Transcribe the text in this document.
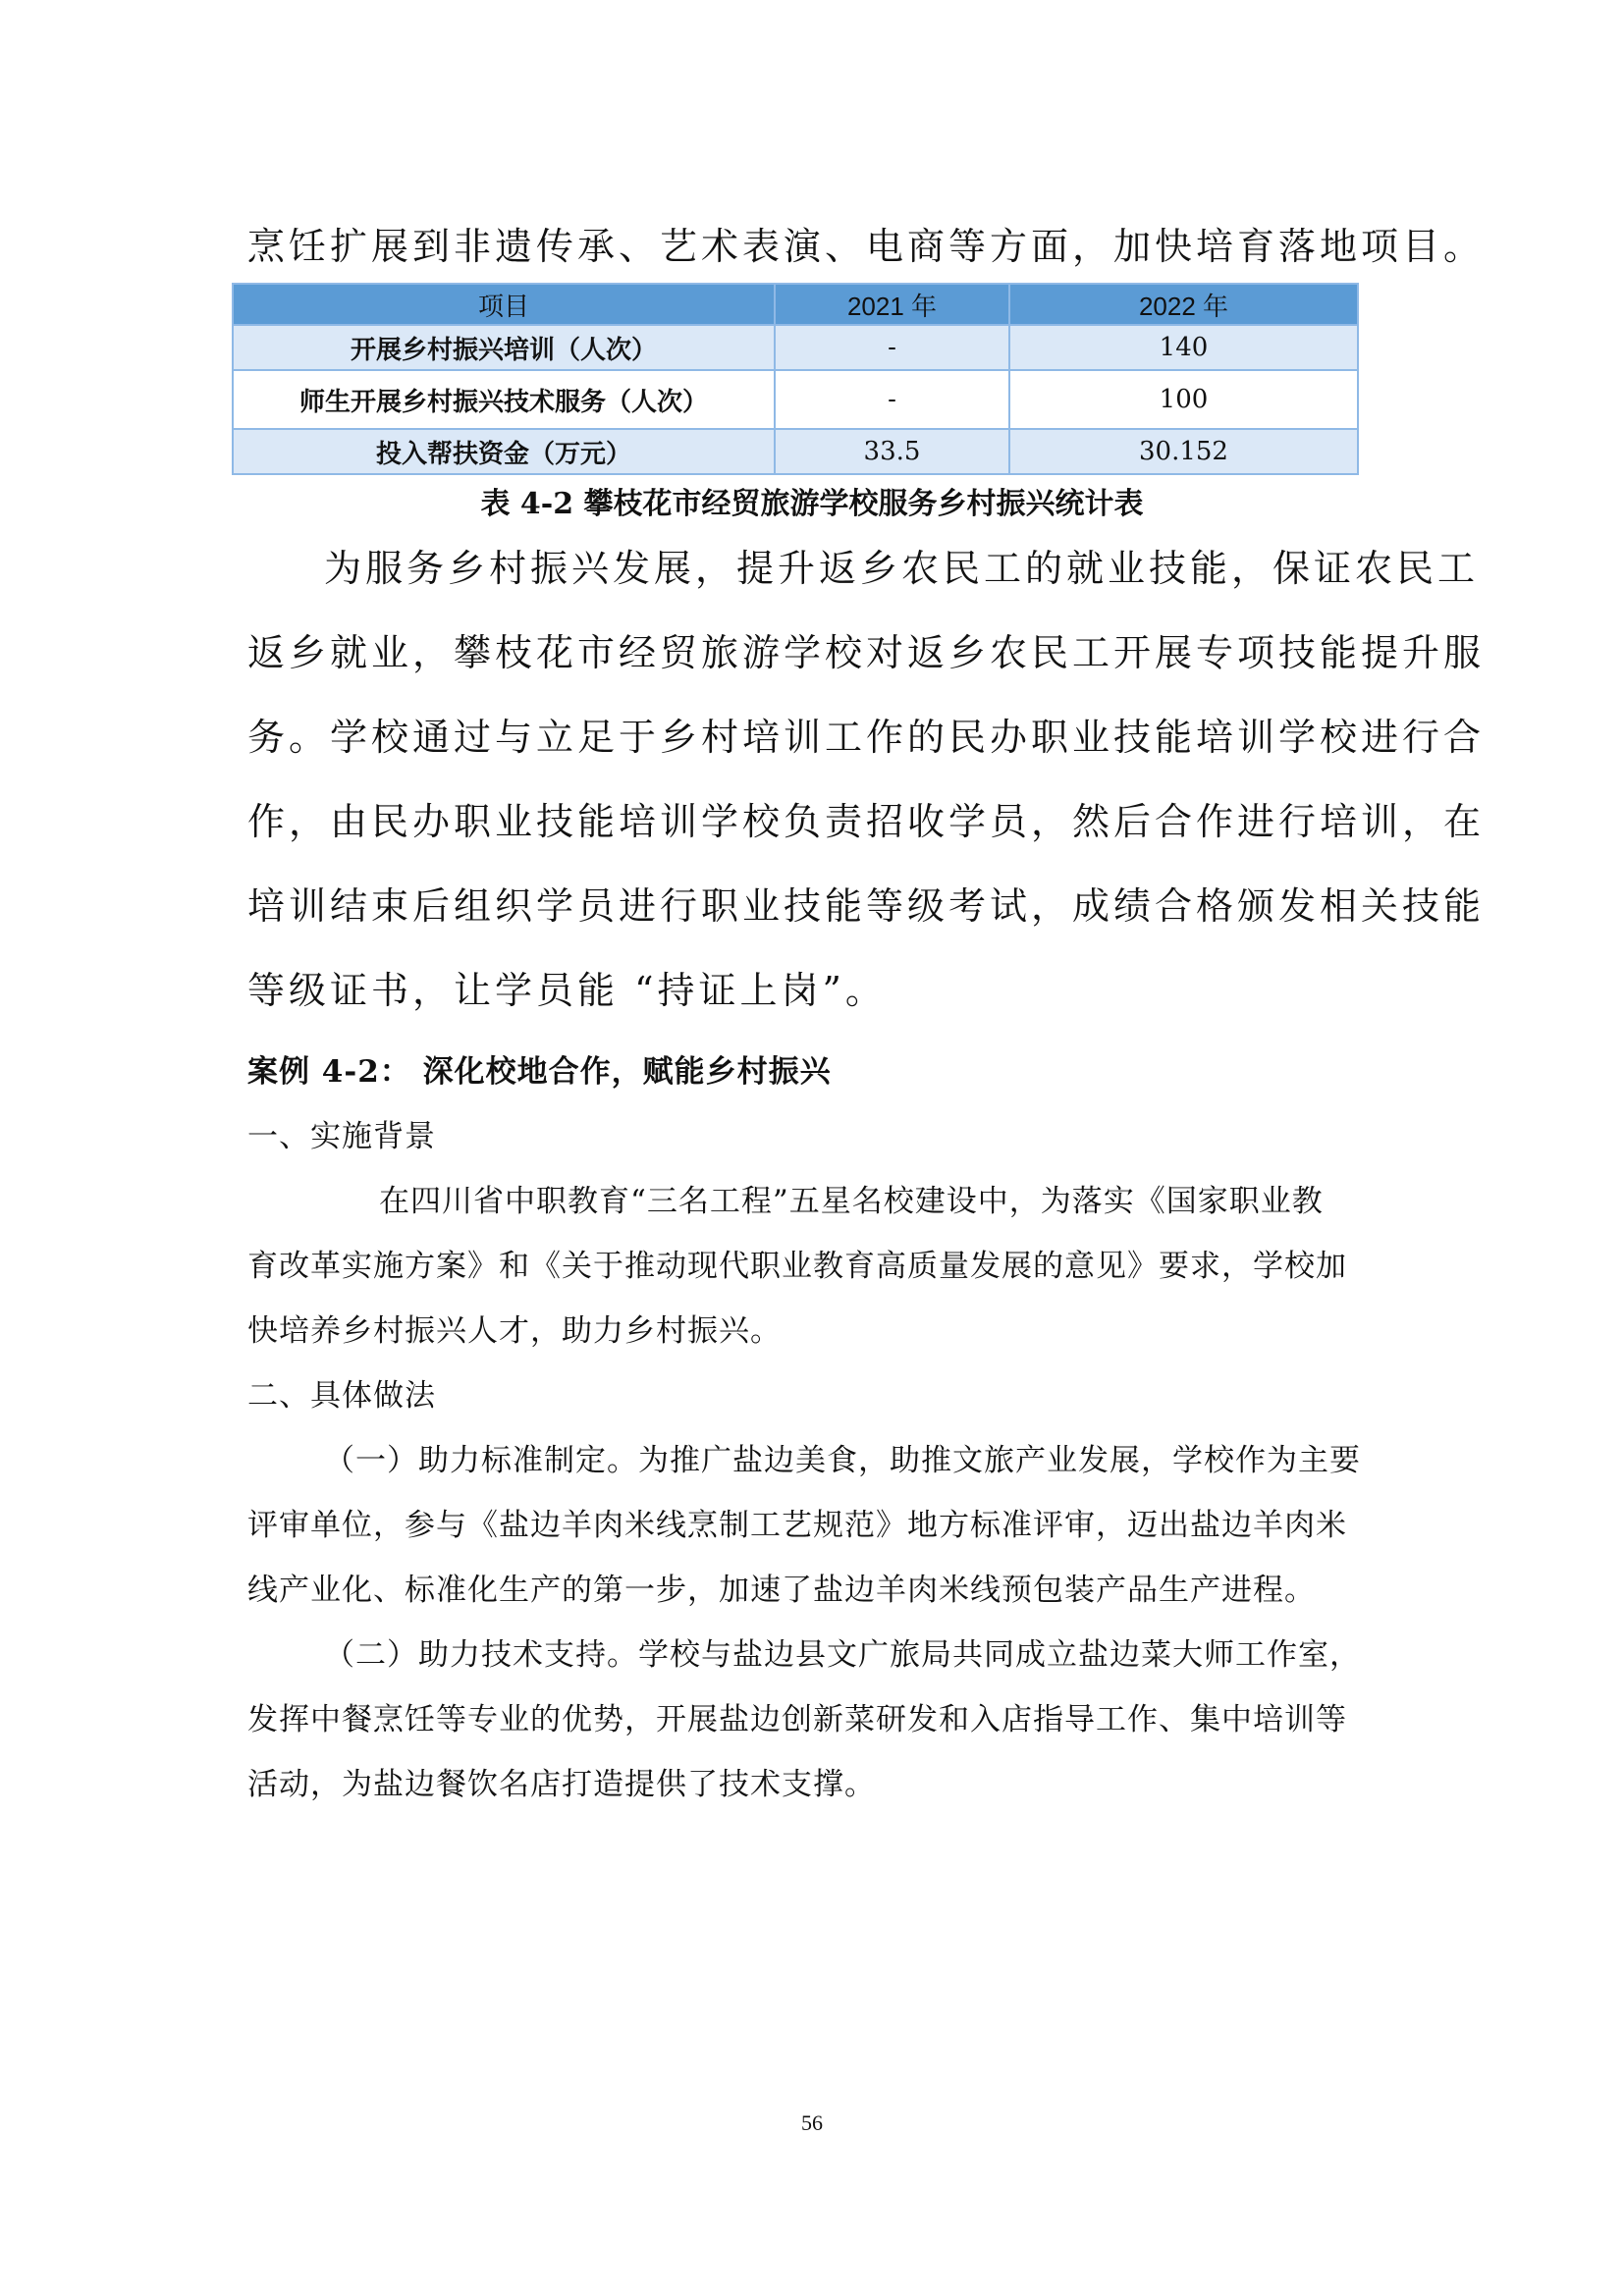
烹饪扩展到非遗传承、艺术表演、电商等方面，加快培育落地项目。
项目	2021 年	2022 年
开展乡村振兴培训（人次）	-	140
师生开展乡村振兴技术服务（人次）	-	100
投入帮扶资金（万元）	33.5	30.152
表 4-2 攀枝花市经贸旅游学校服务乡村振兴统计表
为服务乡村振兴发展，提升返乡农民工的就业技能，保证农民工
返乡就业，攀枝花市经贸旅游学校对返乡农民工开展专项技能提升服
务。学校通过与立足于乡村培训工作的民办职业技能培训学校进行合
作，由民办职业技能培训学校负责招收学员，然后合作进行培训，在
培训结束后组织学员进行职业技能等级考试，成绩合格颁发相关技能
等级证书，让学员能 “持证上岗”。
案例 4-2： 深化校地合作，赋能乡村振兴
一、实施背景
在四川省中职教育“三名工程”五星名校建设中，为落实《国家职业教
育改革实施方案》和《关于推动现代职业教育高质量发展的意见》要求，学校加
快培养乡村振兴人才，助力乡村振兴。
二、具体做法
（一）助力标准制定。为推广盐边美食，助推文旅产业发展，学校作为主要
评审单位，参与《盐边羊肉米线烹制工艺规范》地方标准评审，迈出盐边羊肉米
线产业化、标准化生产的第一步，加速了盐边羊肉米线预包装产品生产进程。
（二）助力技术支持。学校与盐边县文广旅局共同成立盐边菜大师工作室，
发挥中餐烹饪等专业的优势，开展盐边创新菜研发和入店指导工作、集中培训等
活动，为盐边餐饮名店打造提供了技术支撑。
56
